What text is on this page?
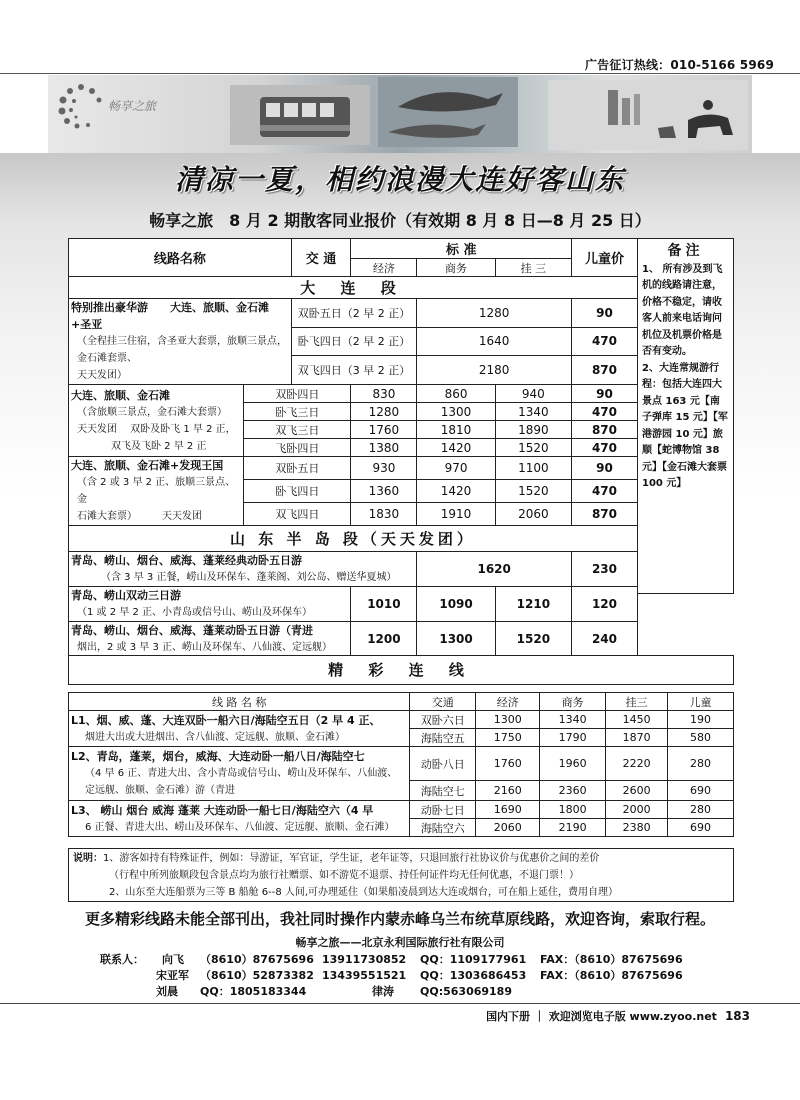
广告征订热线：010-5166 5969
畅享之旅
清凉一夏，相约浪漫大连好客山东
畅享之旅　8 月 2 期散客同业报价（有效期 8 月 8 日—8 月 25 日）
线路名称		交 通	标 准			儿童价
			经济	商务	挂 三	
大 连 段						

特别推出豪华游　　大连、旅顺、金石滩+圣亚
（全程挂三住宿，含圣亚大套票，旅顺三景点，金石滩套票、
天天发团）		双卧五日（2 早 2 正）		1280		90
		卧飞四日（2 早 2 正）		1640		470
		双飞四日（3 早 2 正）		2180		870

大连、旅顺、金石滩
（含旅顺三景点，金石滩大套票）
天天发团　 双卧及卧飞 1 早 2 正，
双飞及飞卧 2 早 2 正	双卧四日		830	860	940	90
	卧飞三日		1280	1300	1340	470
	双飞三日		1760	1810	1890	870
	飞卧四日		1380	1420	1520	470

大连、旅顺、金石滩+发现王国
（含 2 或 3 早 2 正、旅顺三景点、金
石滩大套票）　　　天天发团	双卧五日		930	970	1100	90
	卧飞四日		1360	1420	1520	470
	双飞四日		1830	1910	2060	870
山 东 半 岛 段（天天发团）						

青岛、崂山、烟台、威海、蓬莱经典动卧五日游
（含 3 早 3 正餐，崂山及环保车、蓬莱阁、刘公岛、赠送华夏城）				1620		230

青岛、崂山双动三日游
（1 或 2 早 2 正、小青岛或信号山、崂山及环保车）			1010	1090	1210	120

青岛、崂山、烟台、威海、蓬莱动卧五日游（青进
烟出，2 或 3 早 3 正、崂山及环保车、八仙渡、定远舰）			1200	1300	1520	240
备注
1、 所有涉及到飞机的线路请注意，价格不稳定，请收客人前来电话询问机位及机票价格是否有变动。
2、大连常规游行程：包括大连四大景点 163 元【南子弹库 15 元】【军港游园 10 元】旅顺【蛇博物馆 38 元】【金石滩大套票 100 元】
精 彩 连 线
线 路 名 称	交通	经济	商务	挂三	儿童

L1、烟、威、蓬、大连双卧一船六日/海陆空五日（2 早 4 正、
烟进大出或大进烟出、含八仙渡、定远舰、旅顺、金石滩）	双卧六日	1300	1340	1450	190
	海陆空五	1750	1790	1870	580

L2、青岛，蓬莱，烟台，威海、大连动卧一船八日/海陆空七
（4 早 6 正、青进大出、含小青岛或信号山、崂山及环保车、八仙渡、
定远舰、旅顺、金石滩）游（青进	动卧八日	1760	1960	2220	280
	海陆空七	2160	2360	2600	690

L3、 崂山 烟台 威海 蓬莱 大连动卧一船七日/海陆空六（4 早
6 正餐、青进大出、崂山及环保车、八仙渡、定远舰、旅顺、金石滩）	动卧七日	1690	1800	2000	280
	海陆空六	2060	2190	2380	690
说明：1、游客如持有特殊证件，例如：导游证，军官证，学生证，老年证等，只退回旅行社协议价与优惠价之间的差价
（行程中所列旅顺段包含景点均为旅行社赠票、如不游览不退票、持任何证件均无任何优惠，不退门票！）
2、山东至大连船票为三等 B 船舱 6--8 人间,可办理延住（如果船凌晨到达大连或烟台，可在船上延住，费用自理）
更多精彩线路未能全部刊出，我社同时操作内蒙赤峰乌兰布统草原线路，欢迎咨询，索取行程。
畅享之旅——北京永利国际旅行社有限公司
联系人： 向飞 （8610）87675696 13911730852 QQ：1109177961 FAX：（8610）87675696
宋亚军 （8610）52873382 13439551521 QQ：1303686453 FAX：（8610）87675696
刘晨 QQ：1805183344	律涛 QQ:563069189
国内下册 ｜ 欢迎浏览电子版 www.zyoo.net 183
